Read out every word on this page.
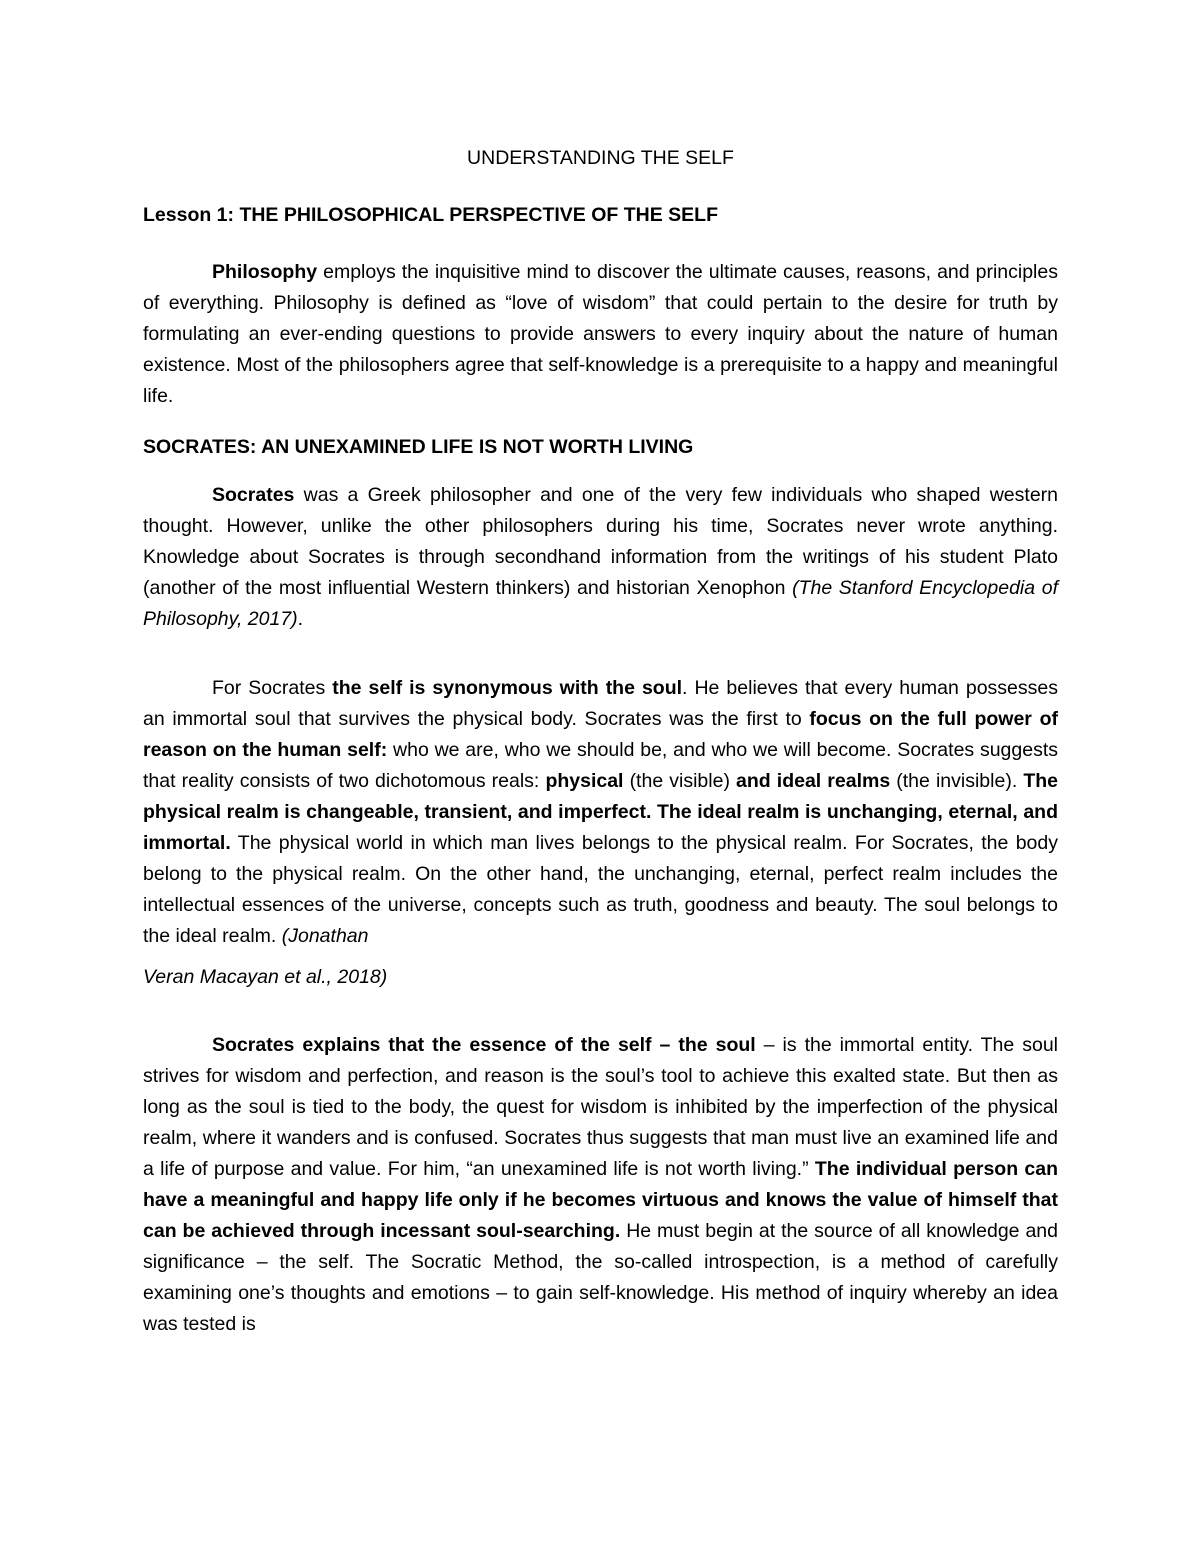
UNDERSTANDING THE SELF
Lesson 1: THE PHILOSOPHICAL PERSPECTIVE OF THE SELF

Philosophy employs the inquisitive mind to discover the ultimate causes, reasons, and principles of everything. Philosophy is defined as “love of wisdom” that could pertain to the desire for truth by formulating an ever-ending questions to provide answers to every inquiry about the nature of human existence. Most of the philosophers agree that self-knowledge is a prerequisite to a happy and meaningful life.

SOCRATES: AN UNEXAMINED LIFE IS NOT WORTH LIVING

Socrates was a Greek philosopher and one of the very few individuals who shaped western thought. However, unlike the other philosophers during his time, Socrates never wrote anything. Knowledge about Socrates is through secondhand information from the writings of his student Plato (another of the most influential Western thinkers) and historian Xenophon (The Stanford Encyclopedia of Philosophy, 2017).

For Socrates the self is synonymous with the soul. He believes that every human possesses an immortal soul that survives the physical body. Socrates was the first to focus on the full power of reason on the human self: who we are, who we should be, and who we will become. Socrates suggests that reality consists of two dichotomous reals: physical (the visible) and ideal realms (the invisible). The physical realm is changeable, transient, and imperfect. The ideal realm is unchanging, eternal, and immortal. The physical world in which man lives belongs to the physical realm. For Socrates, the body belong to the physical realm. On the other hand, the unchanging, eternal, perfect realm includes the intellectual essences of the universe, concepts such as truth, goodness and beauty. The soul belongs to the ideal realm. (Jonathan
Veran Macayan et al., 2018)

Socrates explains that the essence of the self – the soul – is the immortal entity. The soul strives for wisdom and perfection, and reason is the soul’s tool to achieve this exalted state. But then as long as the soul is tied to the body, the quest for wisdom is inhibited by the imperfection of the physical realm, where it wanders and is confused. Socrates thus suggests that man must live an examined life and a life of purpose and value. For him, “an unexamined life is not worth living.” The individual person can have a meaningful and happy life only if he becomes virtuous and knows the value of himself that can be achieved through incessant soul-searching. He must begin at the source of all knowledge and significance – the self. The Socratic Method, the so-called introspection, is a method of carefully examining one’s thoughts and emotions – to gain self-knowledge. His method of inquiry whereby an idea was tested is
